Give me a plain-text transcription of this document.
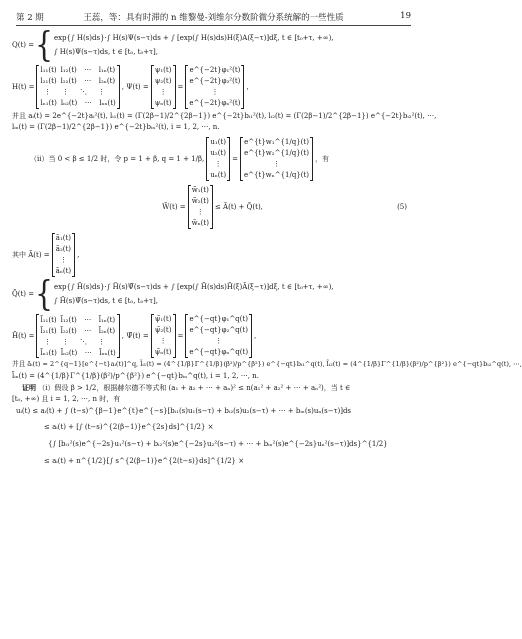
第 2 期	王蕊，等：具有时滞的 n 维黎曼-刘维尔分数阶微分系统解的一些性质	19
Q(t) = { exp{∫ H(s)ds}·∫ H(s)Ψ(s−τ)ds + ∫ [exp(∫ H(s)ds)H(ξ)A(ξ−τ)]dξ, t ∈ [t₀+τ, +∞),
∫ H(s)Ψ(s−τ)ds, t ∈ [t₀, t₀+τ],
H(t) =
l₁₁(t) l₁₂(t)	⋯	l₁ₙ(t)
l₂₁(t) l₂₂(t)	⋯	l₂ₙ(t)
⋮	⋮	⋱	⋮
lₙ₁(t) lₙ₂(t)	⋯	lₙₙ(t)
, Ψ(t) =
ψ₁(t)
ψ₂(t)
⋮
ψₙ(t)
=
e^{−2t}φ₁²(t)
e^{−2t}φ₂²(t)
⋮
e^{−2t}φₙ²(t)
,
并且 aᵢ(t) = 2e^{−2t}aᵢ²(t), lᵢ₁(t) = (Γ(2β−1)/2^{2β−1}) e^{−2t}bᵢ₁²(t), lᵢ₂(t) = (Γ(2β−1)/2^{2β−1}) e^{−2t}bᵢ₂²(t), ⋯,
lᵢₙ(t) = (Γ(2β−1)/2^{2β−1}) e^{−2t}bᵢₙ²(t), i = 1, 2, ⋯, n.
（ⅱ）当 0 < β ≤ 1/2 时，令 p = 1 + β, q = 1 + 1/β,
u₁(t)
u₂(t)
⋮
uₙ(t)
=
e^{t}w₁^{1/q}(t)
e^{t}w₂^{1/q}(t)
⋮
e^{t}wₙ^{1/q}(t)
，有
W̃(t) =
w̃₁(t)
w̃₂(t)
⋮
w̃ₙ(t)
≤ Ã(t) + Q̃(t),	(5)
其中 Ã(t) =
ã₁(t)
ã₂(t)
⋮
ãₙ(t)
,
Q̃(t) = { exp{∫ H̃(s)ds}·∫ H̃(s)Ψ̃(s−τ)ds + ∫ [exp(∫ H̃(s)ds)H̃(ξ)Ã(ξ−τ)]dξ, t ∈ [t₀+τ, +∞),
∫ H̃(s)Ψ̃(s−τ)ds, t ∈ [t₀, t₀+τ],
H̃(t) =
l̃₁₁(t) l̃₁₂(t)	⋯	l̃₁ₙ(t)
l̃₂₁(t) l̃₂₂(t)	⋯	l̃₂ₙ(t)
⋮	⋮	⋱	⋮
l̃ₙ₁(t) l̃ₙ₂(t)	⋯	l̃ₙₙ(t)
, Ψ̃(t) =
ψ̃₁(t)
ψ̃₂(t)
⋮
ψ̃ₙ(t)
=
e^{−qt}φ₁^q(t)
e^{−qt}φ₂^q(t)
⋮
e^{−qt}φₙ^q(t)
,
并且 ãᵢ(t) = 2^{q−1}[e^{−t}aᵢ(t)]^q, l̃ᵢ₁(t) = (4^{1/β}Γ^{1/β}(β²)/p^{β²}) e^{−qt}bᵢ₁^q(t), l̃ᵢ₂(t) = (4^{1/β}Γ^{1/β}(β²)/p^{β²}) e^{−qt}bᵢ₂^q(t), ⋯,
l̃ᵢₙ(t) = (4^{1/β}Γ^{1/β}(β²)/p^{β²}) e^{−qt}bᵢₙ^q(t), i = 1, 2, ⋯, n.
证明 （ⅰ）假设 β > 1/2，根据赫尔德不等式和 (a₁ + a₂ + ⋯ + aₙ)² ≤ n(a₁² + a₂² + ⋯ + aₙ²)，当 t ∈
[t₀, +∞) 且 i = 1, 2, ⋯, n 时，有
uᵢ(t) ≤ aᵢ(t) + ∫ (t−s)^{β−1}e^{t}e^{−s}[bᵢ₁(s)u₁(s−τ) + bᵢ₂(s)u₂(s−τ) + ⋯ + bᵢₙ(s)uₙ(s−τ)]ds
≤ aᵢ(t) + [∫ (t−s)^{2(β−1)}e^{2s}ds]^{1/2} ×
{∫ [bᵢ₁²(s)e^{−2s}u₁²(s−τ) + bᵢ₂²(s)e^{−2s}u₂²(s−τ) + ⋯ + bᵢₙ²(s)e^{−2s}uₙ²(s−τ)]ds}^{1/2}
≤ aᵢ(t) + n^{1/2}[∫ s^{2(β−1)}e^{2(t−s)}ds]^{1/2} ×
